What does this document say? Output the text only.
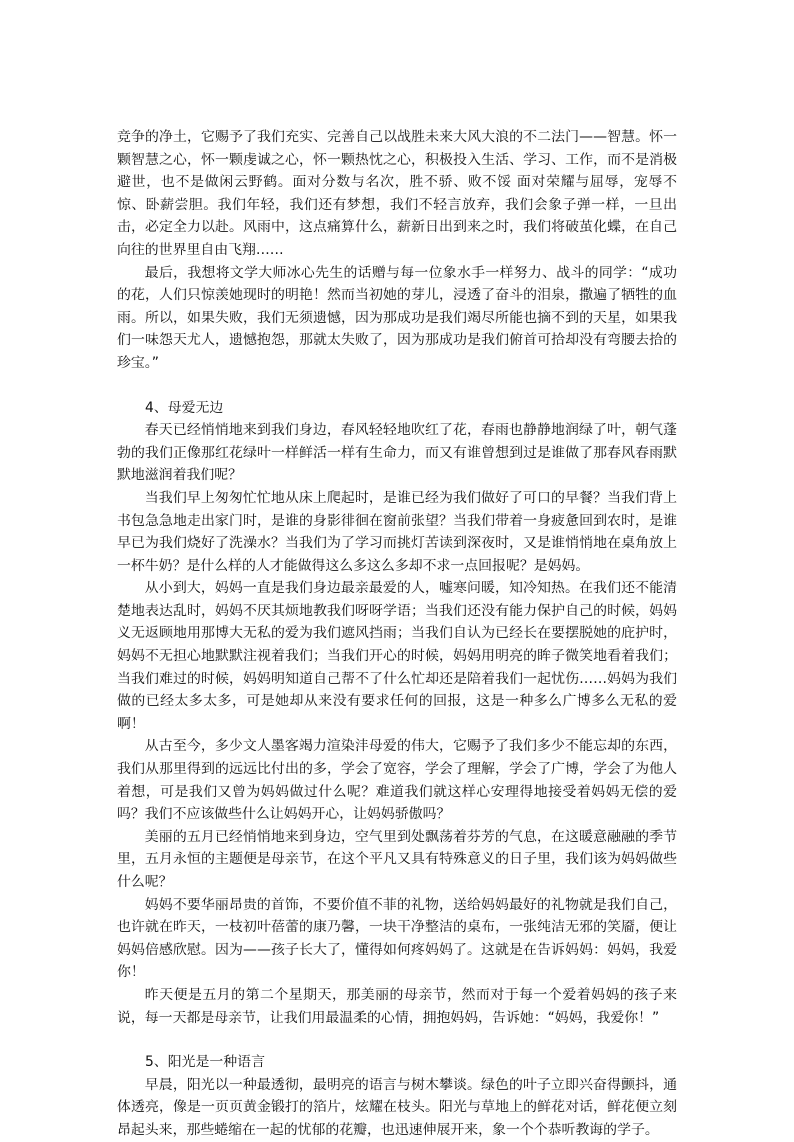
竞争的净土，它赐予了我们充实、完善自己以战胜未来大风大浪的不二法门——智慧。怀一颗智慧之心，怀一颗虔诚之心，怀一颗热忱之心，积极投入生活、学习、工作，而不是消极避世，也不是做闲云野鹤。面对分数与名次，胜不骄、败不馁 面对荣耀与屈辱，宠辱不惊、卧薪尝胆。我们年轻，我们还有梦想，我们不轻言放弃，我们会象子弹一样，一旦出击，必定全力以赴。风雨中，这点痛算什么，薪新日出到来之时，我们将破茧化蝶，在自己向往的世界里自由飞翔……

最后，我想将文学大师冰心先生的话赠与每一位象水手一样努力、战斗的同学：“成功的花，人们只惊羡她现时的明艳！然而当初她的芽儿，浸透了奋斗的泪泉，撒遍了牺牲的血雨。所以，如果失败，我们无须遗憾，因为那成功是我们竭尽所能也摘不到的天星，如果我们一味怨天尤人，遗憾抱怨，那就太失败了，因为那成功是我们俯首可拾却没有弯腰去拾的珍宝。”

4、母爱无边

春天已经悄悄地来到我们身边，春风轻轻地吹红了花，春雨也静静地润绿了叶，朝气蓬勃的我们正像那红花绿叶一样鲜活一样有生命力，而又有谁曾想到过是谁做了那春风春雨默默地滋润着我们呢？

当我们早上匆匆忙忙地从床上爬起时，是谁已经为我们做好了可口的早餐？当我们背上书包急急地走出家门时，是谁的身影徘徊在窗前张望？当我们带着一身疲惫回到农时，是谁早已为我们烧好了洗澡水？当我们为了学习而挑灯苦读到深夜时，又是谁悄悄地在桌角放上一杯牛奶？是什么样的人才能做得这么多这么多却不求一点回报呢？是妈妈。

从小到大，妈妈一直是我们身边最亲最爱的人，嘘寒问暖，知冷知热。在我们还不能清楚地表达乱时，妈妈不厌其烦地教我们呀呀学语；当我们还没有能力保护自己的时候，妈妈义无返顾地用那博大无私的爱为我们遮风挡雨；当我们自认为已经长在要摆脱她的庇护时，妈妈不无担心地默默注视着我们；当我们开心的时候，妈妈用明亮的眸子微笑地看着我们；当我们难过的时候，妈妈明知道自己帮不了什么忙却还是陪着我们一起忧伤……妈妈为我们做的已经太多太多，可是她却从来没有要求任何的回报，这是一种多么广博多么无私的爱啊！

从古至今，多少文人墨客竭力渲染沣母爱的伟大，它赐予了我们多少不能忘却的东西，我们从那里得到的远远比付出的多，学会了宽容，学会了理解，学会了广博，学会了为他人着想，可是我们又曾为妈妈做过什么呢？难道我们就这样心安理得地接受着妈妈无偿的爱吗？我们不应该做些什么让妈妈开心，让妈妈骄傲吗？

美丽的五月已经悄悄地来到身边，空气里到处飘荡着芬芳的气息，在这暖意融融的季节里，五月永恒的主题便是母亲节，在这个平凡又具有特殊意义的日子里，我们该为妈妈做些什么呢？

妈妈不要华丽昂贵的首饰，不要价值不菲的礼物，送给妈妈最好的礼物就是我们自己，也许就在昨天，一枝初叶蓓蕾的康乃馨，一块干净整洁的桌布，一张纯洁无邪的笑靥，便让妈妈倍感欣慰。因为——孩子长大了，懂得如何疼妈妈了。这就是在告诉妈妈：妈妈，我爱你！

昨天便是五月的第二个星期天，那美丽的母亲节，然而对于每一个爱着妈妈的孩子来说，每一天都是母亲节，让我们用最温柔的心情，拥抱妈妈，告诉她：“妈妈，我爱你！”

5、阳光是一种语言

早晨，阳光以一种最透彻，最明亮的语言与树木攀谈。绿色的叶子立即兴奋得颤抖，通体透亮，像是一页页黄金锻打的箔片，炫耀在枝头。阳光与草地上的鲜花对话，鲜花便立刻昂起头来，那些蜷缩在一起的忧郁的花瓣，也迅速伸展开来，象一个个恭听教诲的学子。
